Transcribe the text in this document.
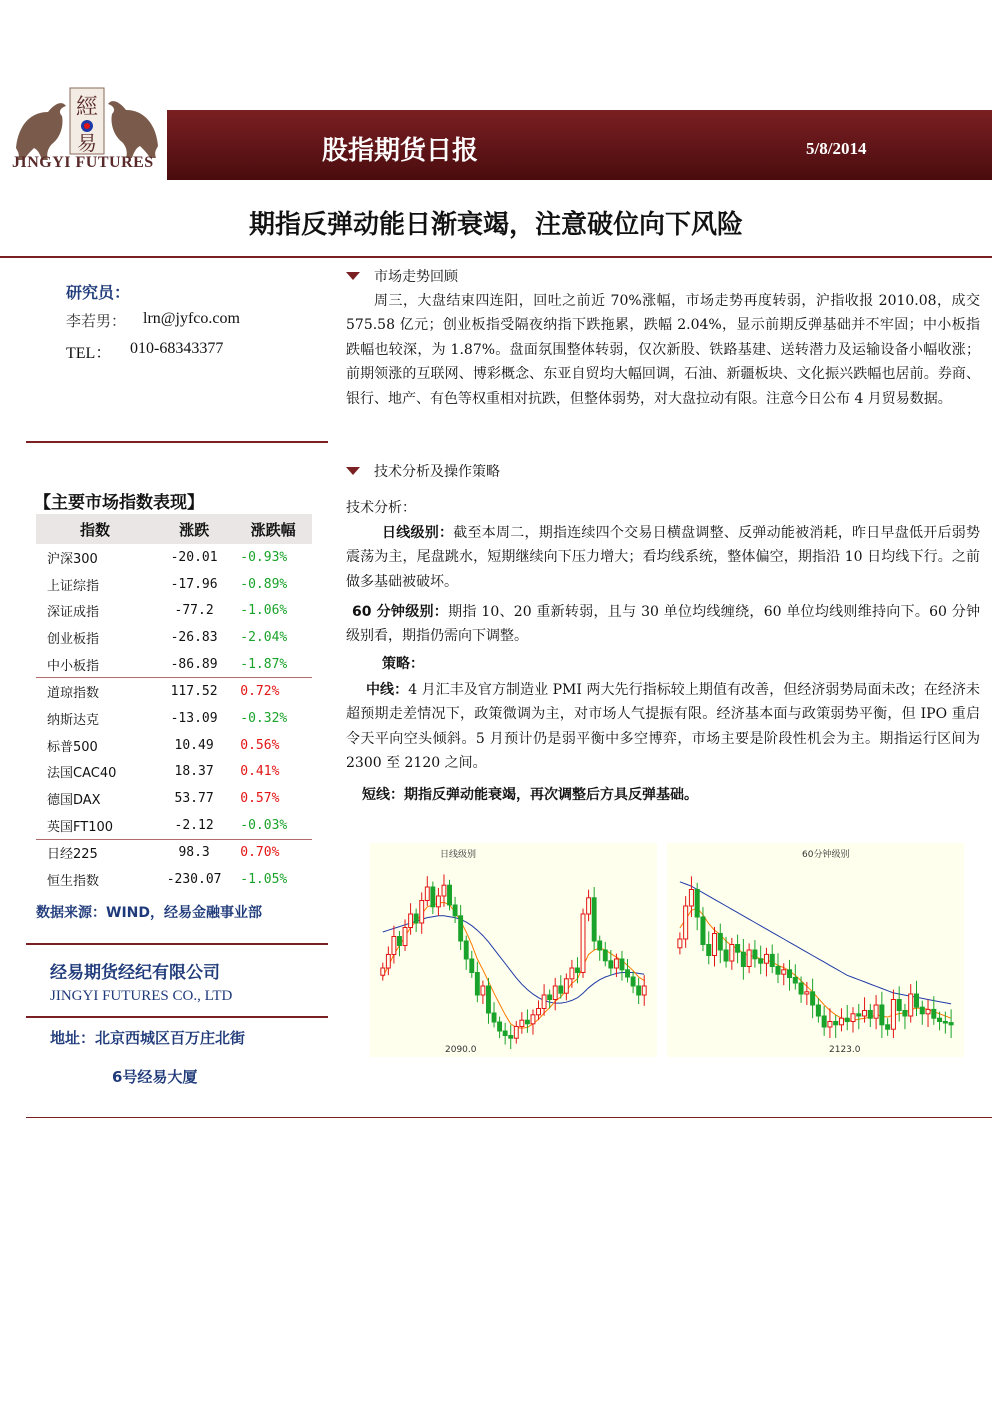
經
易
JINGYI FUTURES	股指期货日报	5/8/2014
期指反弹动能日渐衰竭，注意破位向下风险
研究员：
李若男： lrn@jyfco.com
TEL： 010-68343377
【主要市场指数表现】
指数	涨跌	涨跌幅
沪深300	-20.01	-0.93%
上证综指	-17.96	-0.89%
深证成指	-77.2	-1.06%
创业板指	-26.83	-2.04%
中小板指	-86.89	-1.87%
道琼指数	117.52	0.72%
纳斯达克	-13.09	-0.32%
标普500	10.49	0.56%
法国CAC40	18.37	0.41%
德国DAX	53.77	0.57%
英国FT100	-2.12	-0.03%
日经225	98.3	0.70%
恒生指数	-230.07	-1.05%
数据来源：WIND，经易金融事业部
经易期货经纪有限公司
JINGYI FUTURES CO., LTD
地址：北京西城区百万庄北街
6号经易大厦
市场走势回顾
周三，大盘结束四连阳，回吐之前近 70%涨幅，市场走势再度转弱，沪指收报 2010.08，成交 575.58 亿元；创业板指受隔夜纳指下跌拖累，跌幅 2.04%，显示前期反弹基础并不牢固；中小板指跌幅也较深，为 1.87%。盘面氛围整体转弱，仅次新股、铁路基建、送转潜力及运输设备小幅收涨；前期领涨的互联网、博彩概念、东亚自贸均大幅回调，石油、新疆板块、文化振兴跌幅也居前。券商、银行、地产、有色等权重相对抗跌，但整体弱势，对大盘拉动有限。注意今日公布 4 月贸易数据。
技术分析及操作策略
技术分析：
日线级别：截至本周二，期指连续四个交易日横盘调整、反弹动能被消耗，昨日早盘低开后弱势震荡为主，尾盘跳水，短期继续向下压力增大；看均线系统，整体偏空，期指沿 10 日均线下行。之前做多基础被破坏。
60 分钟级别：期指 10、20 重新转弱，且与 30 单位均线缠绕，60 单位均线则维持向下。60 分钟级别看，期指仍需向下调整。
策略：
中线：4 月汇丰及官方制造业 PMI 两大先行指标较上期值有改善，但经济弱势局面未改；在经济未超预期走差情况下，政策微调为主，对市场人气提振有限。经济基本面与政策弱势平衡，但 IPO 重启令天平向空头倾斜。5 月预计仍是弱平衡中多空博弈，市场主要是阶段性机会为主。期指运行区间为 2300 至 2120 之间。
短线：期指反弹动能衰竭，再次调整后方具反弹基础。
日线级别
2090.0
60分钟级别
2123.0
